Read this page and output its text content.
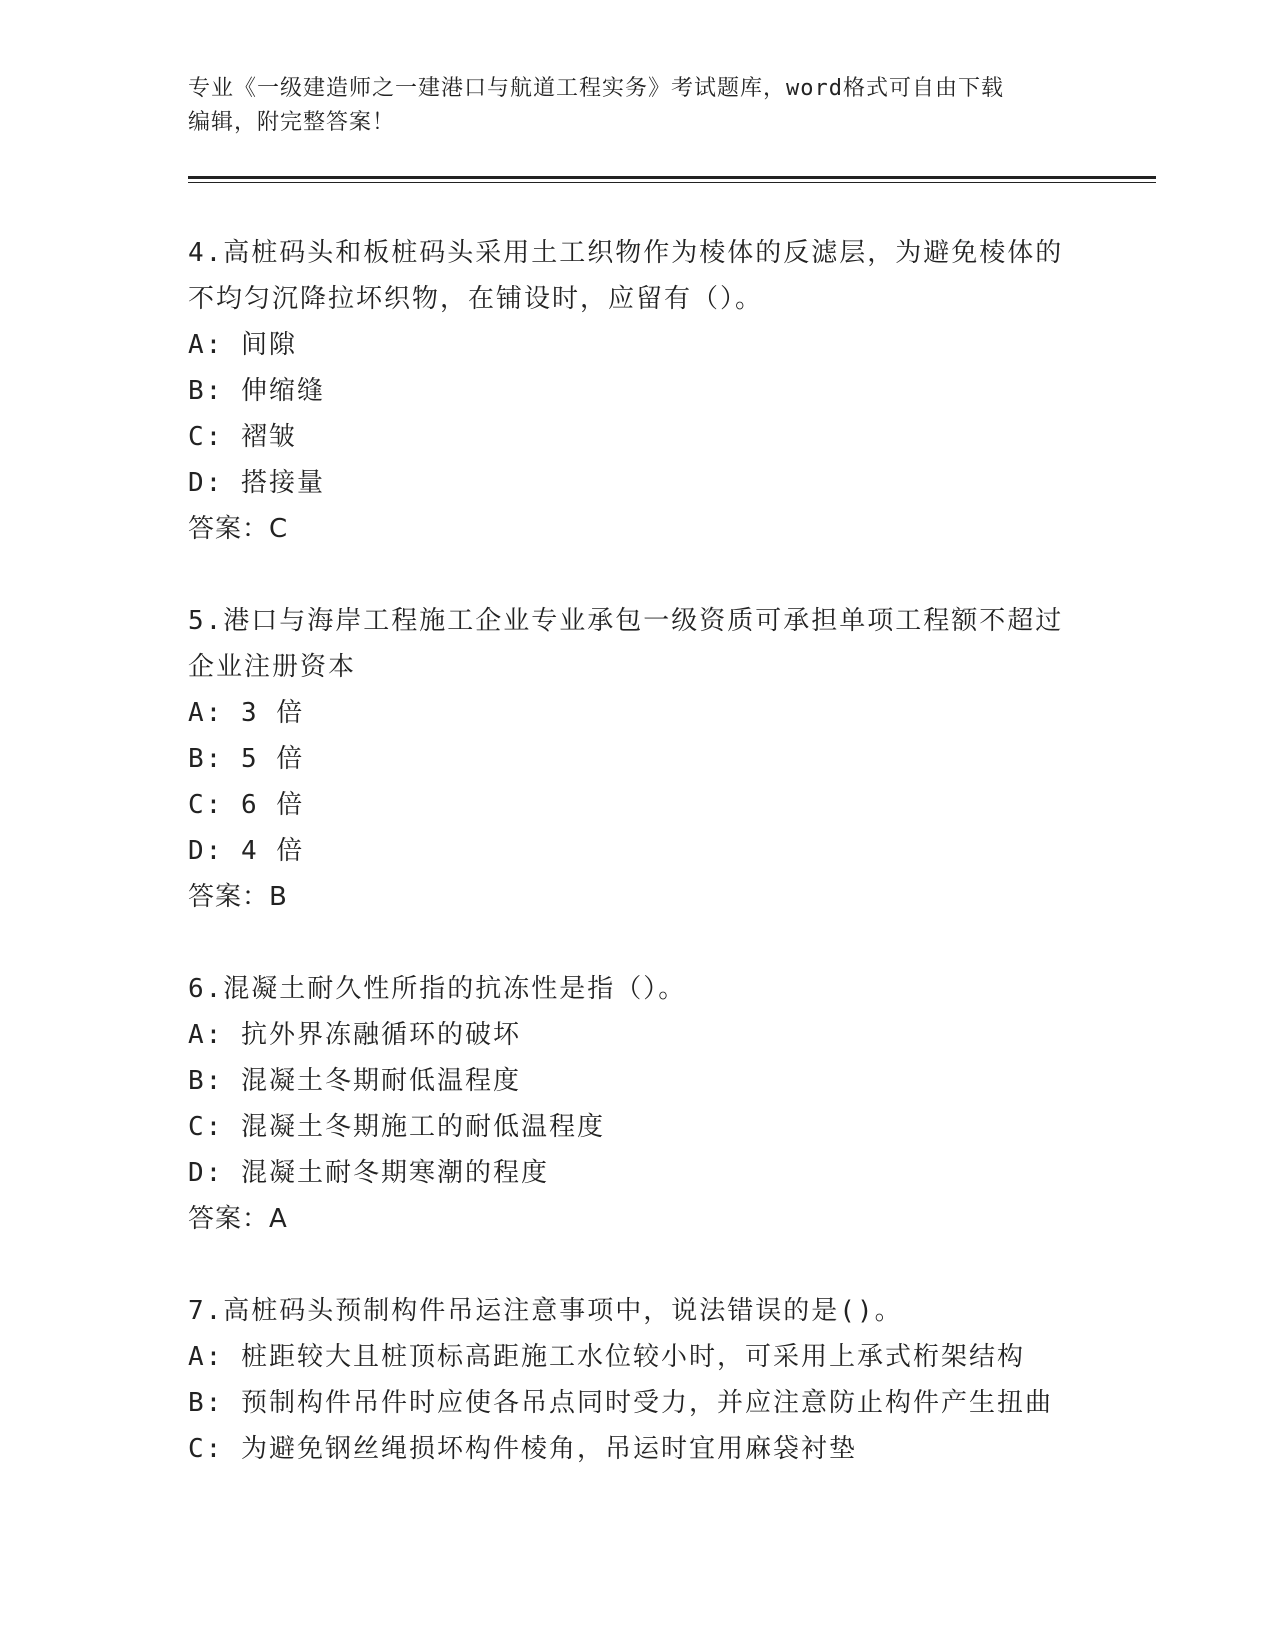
专业《一级建造师之一建港口与航道工程实务》考试题库，word格式可自由下载
编辑，附完整答案！

4.高桩码头和板桩码头采用土工织物作为棱体的反滤层，为避免棱体的不均匀沉降拉坏织物，在铺设时，应留有（）。

A: 间隙

B: 伸缩缝

C: 褶皱

D: 搭接量

答案：C

5.港口与海岸工程施工企业专业承包一级资质可承担单项工程额不超过企业注册资本

A: 3 倍

B: 5 倍

C: 6 倍

D: 4 倍

答案：B

6.混凝土耐久性所指的抗冻性是指（）。

A: 抗外界冻融循环的破坏

B: 混凝土冬期耐低温程度

C: 混凝土冬期施工的耐低温程度

D: 混凝土耐冬期寒潮的程度

答案：A

7.高桩码头预制构件吊运注意事项中，说法错误的是()。

A: 桩距较大且桩顶标高距施工水位较小时，可采用上承式桁架结构

B: 预制构件吊件时应使各吊点同时受力，并应注意防止构件产生扭曲

C: 为避免钢丝绳损坏构件棱角，吊运时宜用麻袋衬垫
